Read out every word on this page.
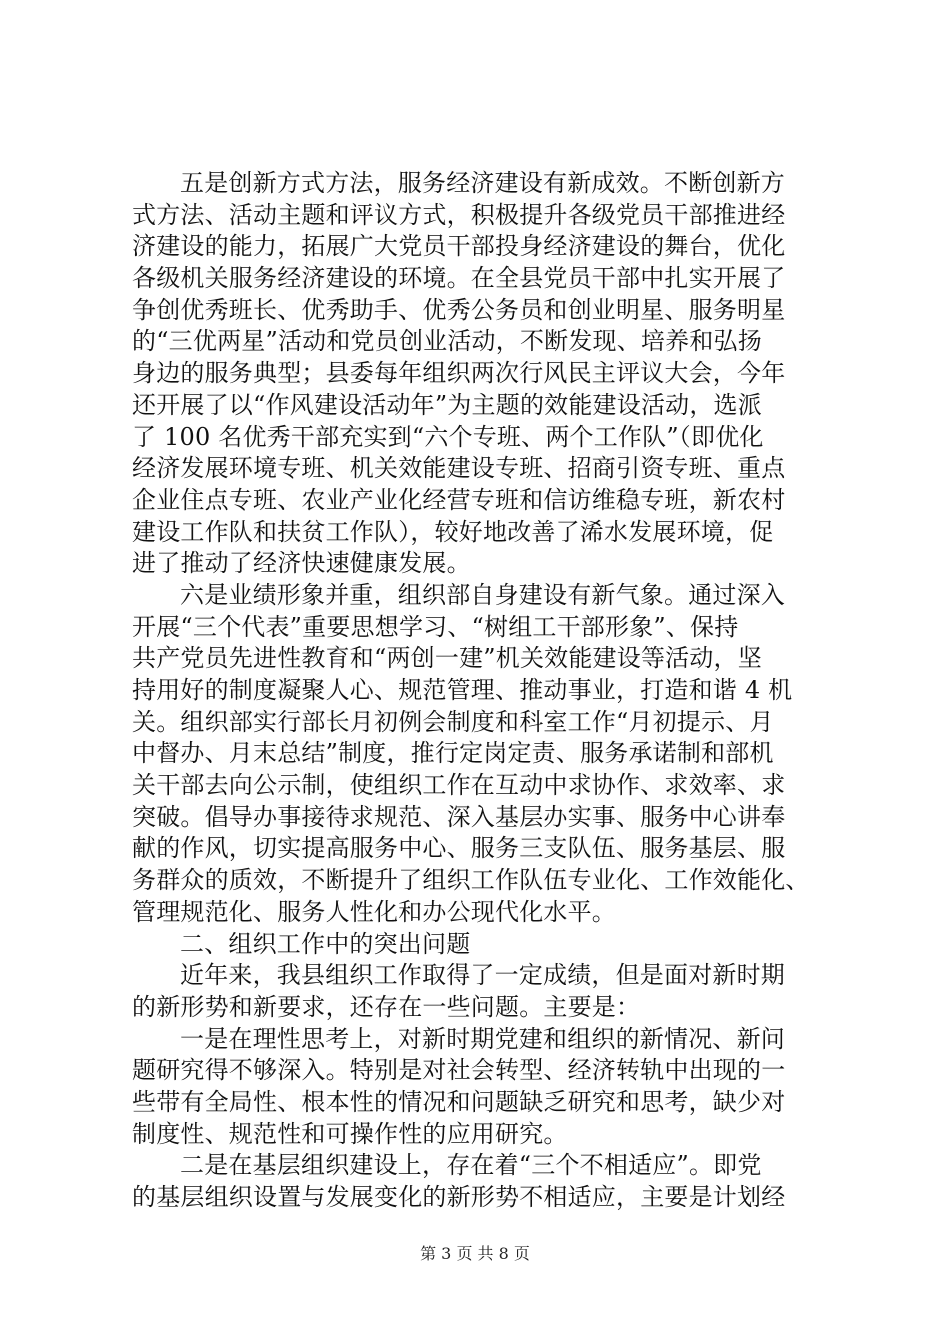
五是创新方式方法，服务经济建设有新成效。不断创新方
式方法、活动主题和评议方式，积极提升各级党员干部推进经
济建设的能力，拓展广大党员干部投身经济建设的舞台，优化
各级机关服务经济建设的环境。在全县党员干部中扎实开展了
争创优秀班长、优秀助手、优秀公务员和创业明星、服务明星
的“三优两星”活动和党员创业活动，不断发现、培养和弘扬
身边的服务典型；县委每年组织两次行风民主评议大会，今年
还开展了以“作风建设活动年”为主题的效能建设活动，选派
了 100 名优秀干部充实到“六个专班、两个工作队”（即优化
经济发展环境专班、机关效能建设专班、招商引资专班、重点
企业住点专班、农业产业化经营专班和信访维稳专班，新农村
建设工作队和扶贫工作队），较好地改善了浠水发展环境，促
进了推动了经济快速健康发展。
六是业绩形象并重，组织部自身建设有新气象。通过深入
开展“三个代表”重要思想学习、“树组工干部形象”、保持
共产党员先进性教育和“两创一建”机关效能建设等活动，坚
持用好的制度凝聚人心、规范管理、推动事业，打造和谐 4 机
关。组织部实行部长月初例会制度和科室工作“月初提示、月
中督办、月末总结”制度，推行定岗定责、服务承诺制和部机
关干部去向公示制，使组织工作在互动中求协作、求效率、求
突破。倡导办事接待求规范、深入基层办实事、服务中心讲奉
献的作风，切实提高服务中心、服务三支队伍、服务基层、服
务群众的质效，不断提升了组织工作队伍专业化、工作效能化、
管理规范化、服务人性化和办公现代化水平。
二、组织工作中的突出问题
近年来，我县组织工作取得了一定成绩，但是面对新时期
的新形势和新要求，还存在一些问题。主要是：
一是在理性思考上，对新时期党建和组织的新情况、新问
题研究得不够深入。特别是对社会转型、经济转轨中出现的一
些带有全局性、根本性的情况和问题缺乏研究和思考，缺少对
制度性、规范性和可操作性的应用研究。
二是在基层组织建设上，存在着“三个不相适应”。即党
的基层组织设置与发展变化的新形势不相适应，主要是计划经
第 3 页 共 8 页
